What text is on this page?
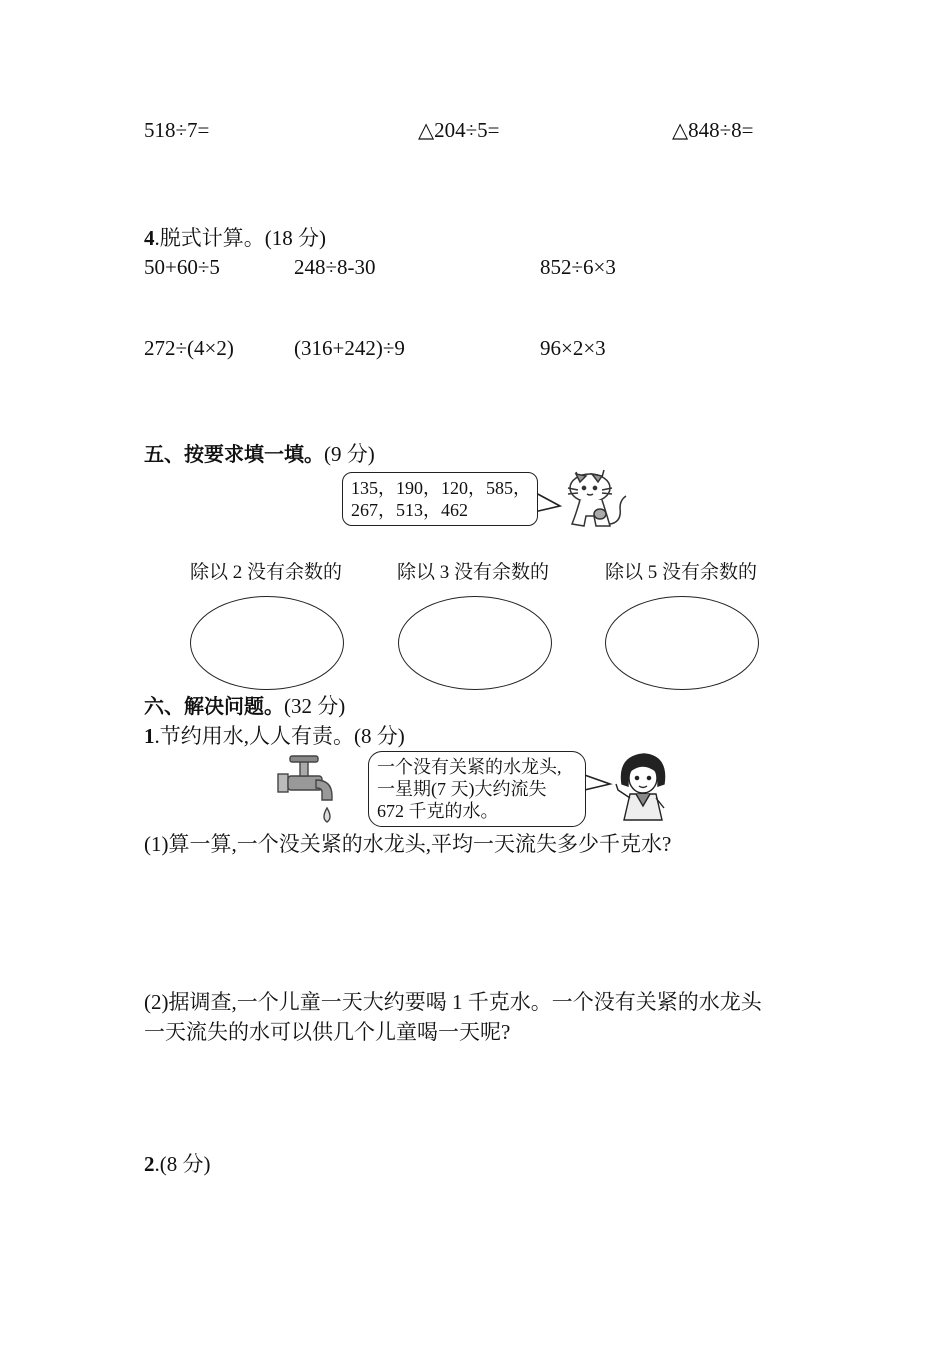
518÷7=	△204÷5=	△848÷8=
4.脱式计算。(18 分)
50+60÷5	248÷8-30	852÷6×3
272÷(4×2)	(316+242)÷9	96×2×3
五、按要求填一填。(9 分)
135，190，120，585，
267，513，462
除以 2 没有余数的	除以 3 没有余数的	除以 5 没有余数的
六、解决问题。(32 分)
1.节约用水,人人有责。(8 分)
一个没有关紧的水龙头,
一星期(7 天)大约流失
672 千克的水。
(1)算一算,一个没关紧的水龙头,平均一天流失多少千克水?
(2)据调查,一个儿童一天大约要喝 1 千克水。一个没有关紧的水龙头
一天流失的水可以供几个儿童喝一天呢?
2.(8 分)
